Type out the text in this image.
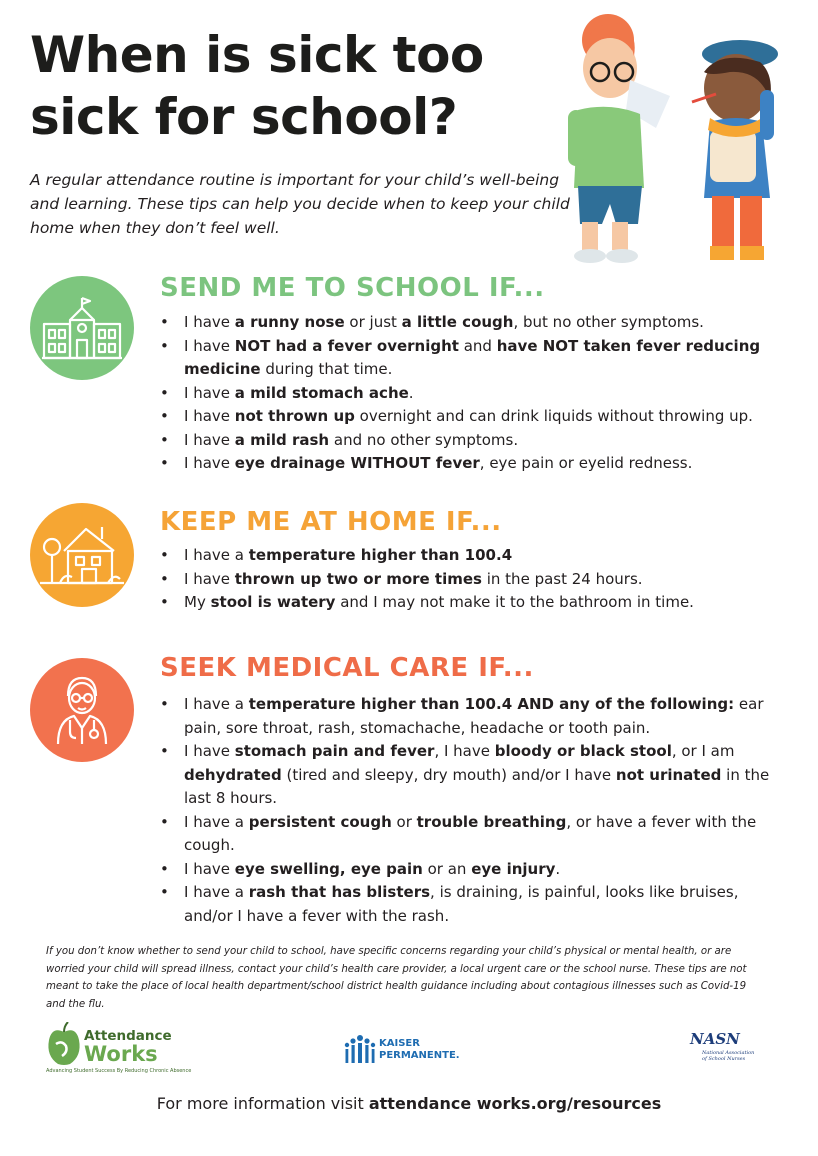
When is sick too
sick for school?

A regular attendance routine is important for your child’s well-being and learning. These tips can help you decide when to keep your child home when they don’t feel well.

SEND ME TO SCHOOL IF...
• I have a runny nose or just a little cough, but no other symptoms.
• I have NOT had a fever overnight and have NOT taken fever reducing medicine during that time.
• I have a mild stomach ache.
• I have not thrown up overnight and can drink liquids without throwing up.
• I have a mild rash and no other symptoms.
• I have eye drainage WITHOUT fever, eye pain or eyelid redness.
KEEP ME AT HOME IF...
• I have a temperature higher than 100.4
• I have thrown up two or more times in the past 24 hours.
• My stool is watery and I may not make it to the bathroom in time.
SEEK MEDICAL CARE IF...
• I have a temperature higher than 100.4 AND any of the following: ear pain, sore throat, rash, stomachache, headache or tooth pain.
• I have stomach pain and fever, I have bloody or black stool, or I am dehydrated (tired and sleepy, dry mouth) and/or I have not urinated in the last 8 hours.
• I have a persistent cough or trouble breathing, or have a fever with the cough.
• I have eye swelling, eye pain or an eye injury.
• I have a rash that has blisters, is draining, is painful, looks like bruises, and/or I have a fever with the rash.

If you don’t know whether to send your child to school, have specific concerns regarding your child’s physical or mental health, or are worried your child will spread illness, contact your child’s health care provider, a local urgent care or the school nurse. These tips are not meant to take the place of local health department/school district health guidance including about contagious illnesses such as Covid-19 and the flu.

Attendance
Works
Advancing Student Success By Reducing Chronic Absence
KAISER
PERMANENTE.
NASN
National Association of School Nurses

For more information visit attendance works.org/resources
